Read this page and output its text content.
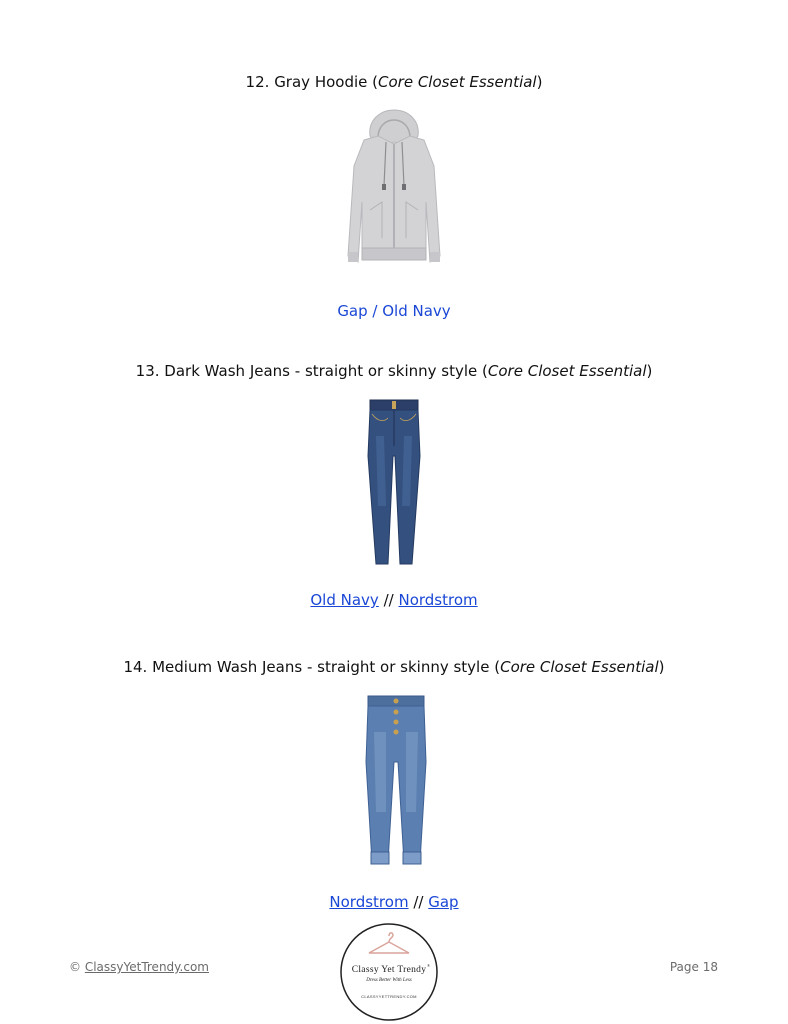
12. Gray Hoodie (Core Closet Essential)
Gap / Old Navy
13. Dark Wash Jeans - straight or skinny style (Core Closet Essential)
Old Navy // Nordstrom
14. Medium Wash Jeans - straight or skinny style (Core Closet Essential)
Nordstrom // Gap
© ClassyYetTrendy.com	Classy Yet Trendy ®
Dress Better With Less
CLASSYYETTRENDY.COM
Page 18
